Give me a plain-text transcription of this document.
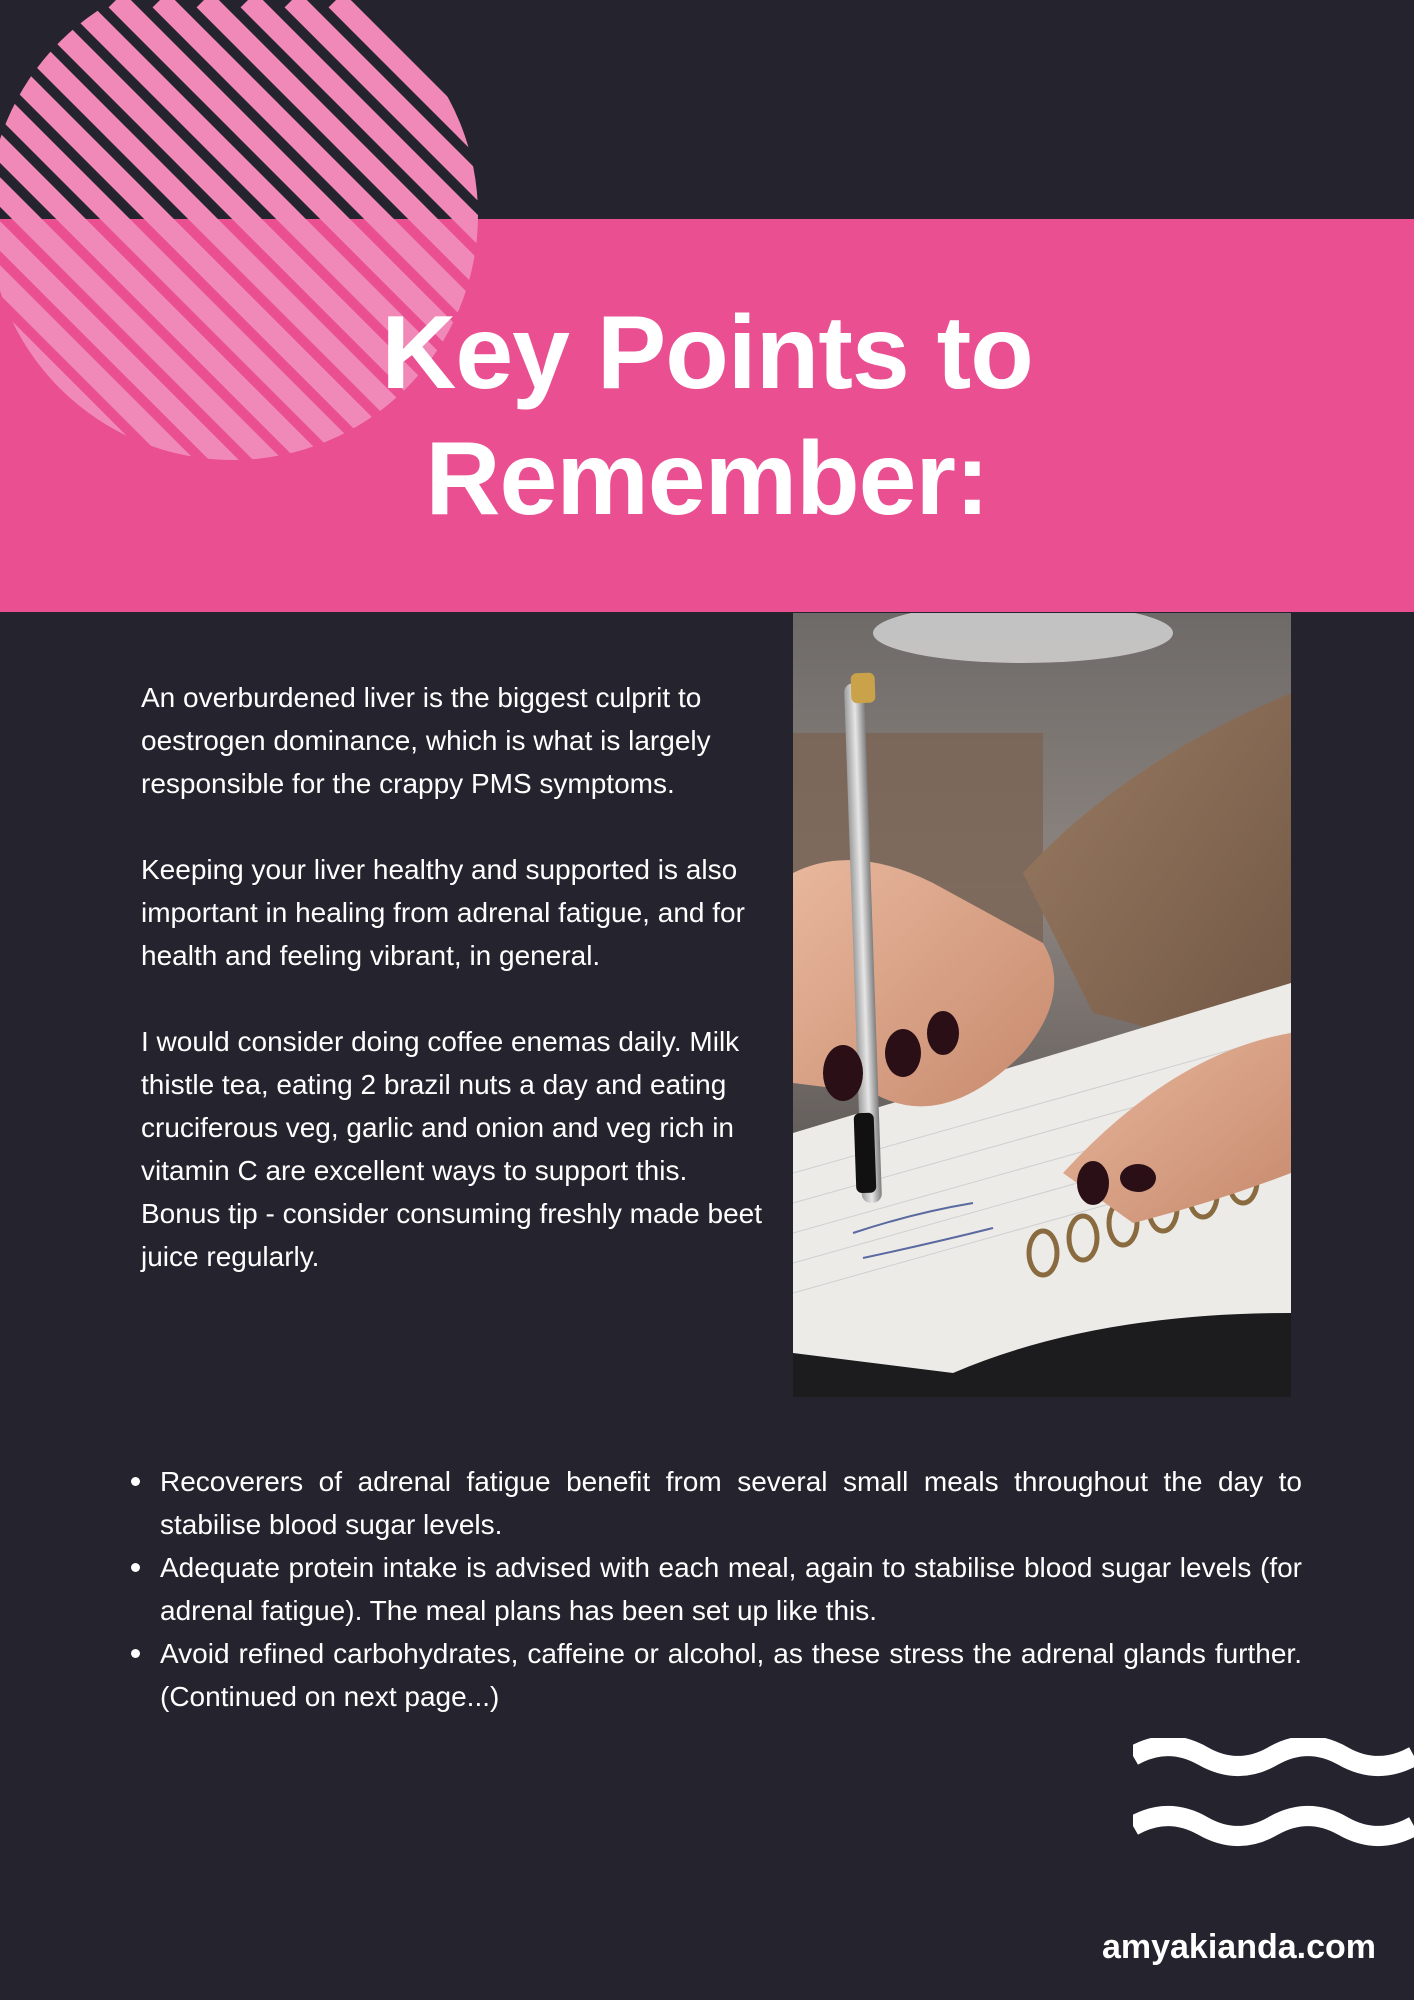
Key Points to
Remember:

An overburdened liver is the biggest culprit to oestrogen dominance, which is what is largely responsible for the crappy PMS symptoms.

Keeping your liver healthy and supported is also important in healing from adrenal fatigue, and for health and feeling vibrant, in general.

I would consider doing coffee enemas daily. Milk thistle tea, eating 2 brazil nuts a day and eating cruciferous veg, garlic and onion and veg rich in vitamin C are excellent ways to support this. Bonus tip - consider consuming freshly made beet juice regularly.

Recoverers of adrenal fatigue benefit from several small meals throughout the day to stabilise blood sugar levels.
Adequate protein intake is advised with each meal, again to stabilise blood sugar levels (for adrenal fatigue). The meal plans has been set up like this.
Avoid refined carbohydrates, caffeine or alcohol, as these stress the adrenal glands further. (Continued on next page...)
amyakianda.com
